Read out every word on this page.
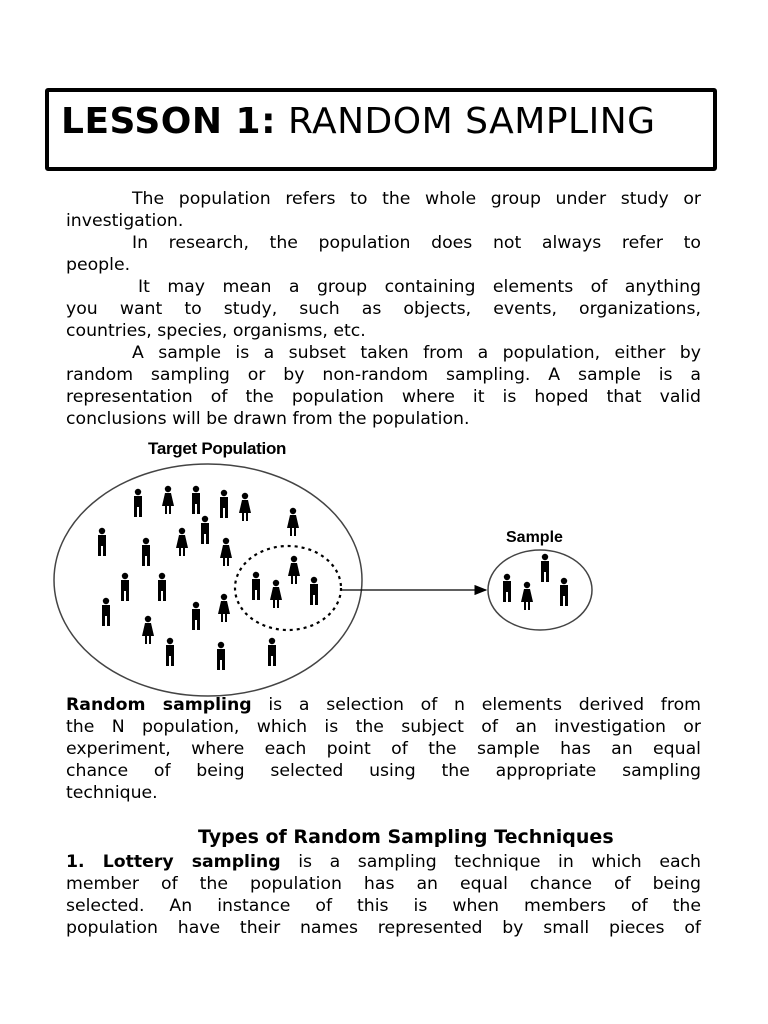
LESSON 1: RANDOM SAMPLING

The population refers to the whole group under study or

investigation.

In research, the population does not always refer to

people.

It may mean a group containing elements of anything

you want to study, such as objects, events, organizations,

countries, species, organisms, etc.

A sample is a subset taken from a population, either by

random sampling or by non-random sampling. A sample is a

representation of the population where it is hoped that valid

conclusions will be drawn from the population.

Target Population
Sample

Random sampling is a selection of n elements derived from

the N population, which is the subject of an investigation or

experiment, where each point of the sample has an equal

chance of being selected using the appropriate sampling

technique.

Types of Random Sampling Techniques

1. Lottery sampling is a sampling technique in which each

member of the population has an equal chance of being

selected. An instance of this is when members of the

population have their names represented by small pieces of
